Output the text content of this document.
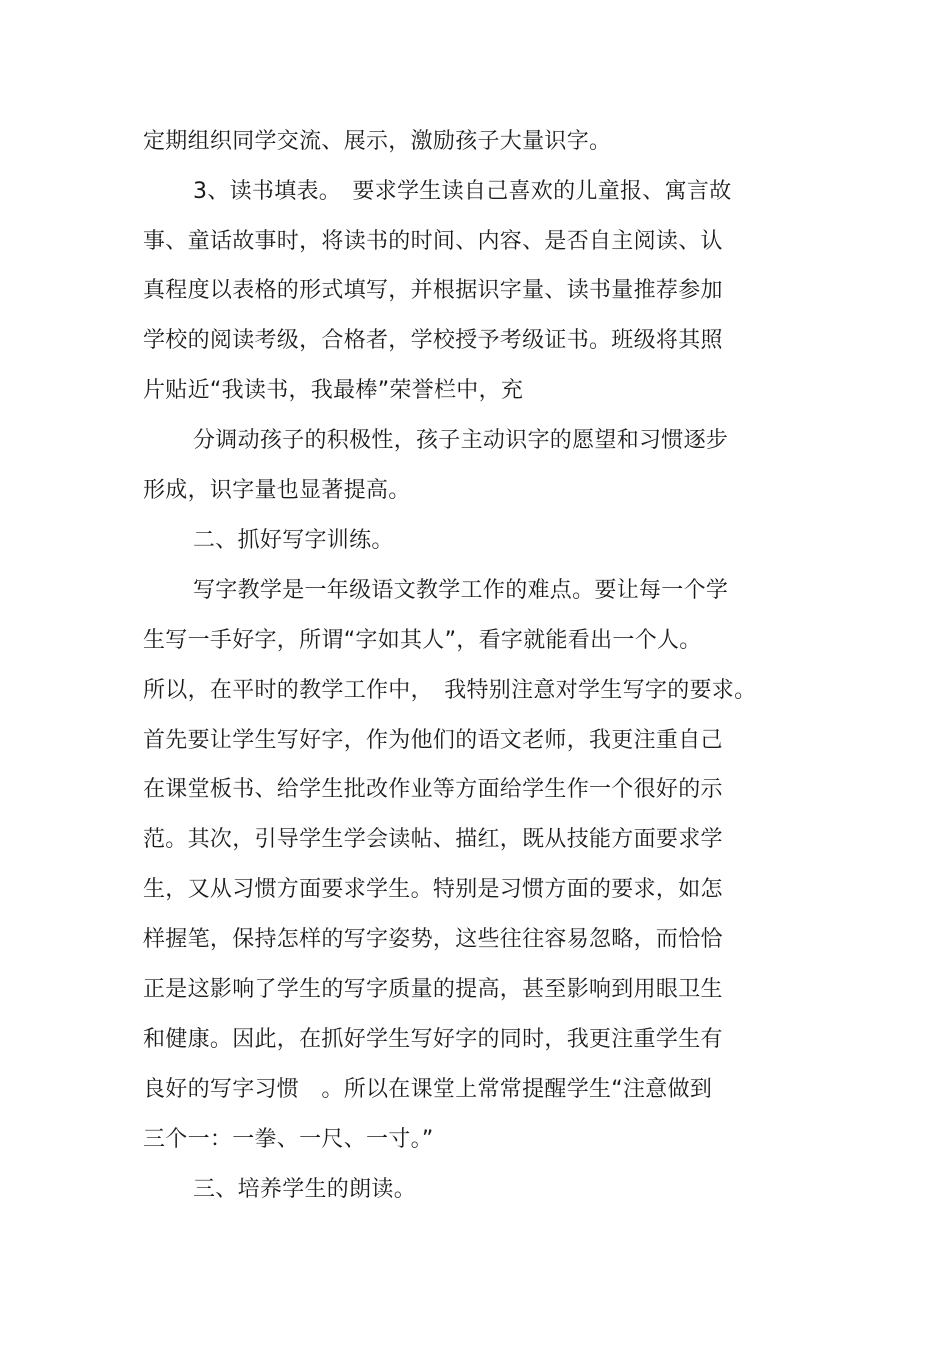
定期组织同学交流、展示，激励孩子大量识字。
3、读书填表。　要求学生读自己喜欢的儿童报、寓言故
事、童话故事时，将读书的时间、内容、是否自主阅读、认
真程度以表格的形式填写，并根据识字量、读书量推荐参加
学校的阅读考级，合格者，学校授予考级证书。班级将其照
片贴近“我读书，我最棒”荣誉栏中，充
分调动孩子的积极性，孩子主动识字的愿望和习惯逐步
形成，识字量也显著提高。
二、抓好写字训练。
写字教学是一年级语文教学工作的难点。要让每一个学
生写一手好字，所谓“字如其人”，看字就能看出一个人。
所以，在平时的教学工作中，　我特别注意对学生写字的要求。
首先要让学生写好字，作为他们的语文老师，我更注重自己
在课堂板书、给学生批改作业等方面给学生作一个很好的示
范。其次，引导学生学会读帖、描红，既从技能方面要求学
生，又从习惯方面要求学生。特别是习惯方面的要求，如怎
样握笔，保持怎样的写字姿势，这些往往容易忽略，而恰恰
正是这影响了学生的写字质量的提高，甚至影响到用眼卫生
和健康。因此，在抓好学生写好字的同时，我更注重学生有
良好的写字习惯　。所以在课堂上常常提醒学生“注意做到
三个一：一拳、一尺、一寸。”
三、培养学生的朗读。
